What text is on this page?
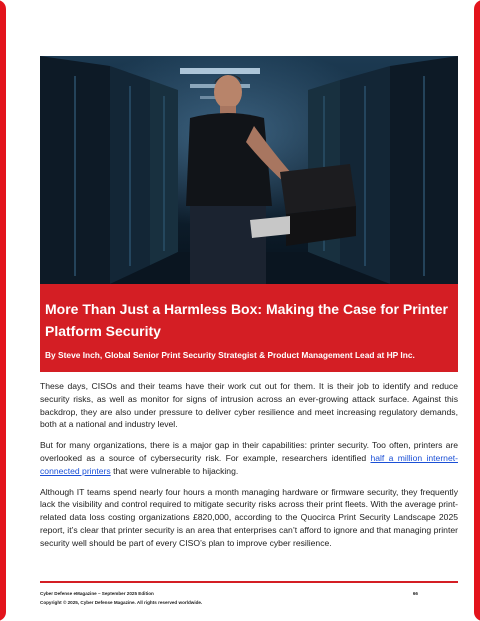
More Than Just a Harmless Box: Making the Case for Printer Platform Security

By Steve Inch, Global Senior Print Security Strategist & Product Management Lead at HP Inc.

These days, CISOs and their teams have their work cut out for them. It is their job to identify and reduce security risks, as well as monitor for signs of intrusion across an ever-growing attack surface. Against this backdrop, they are also under pressure to deliver cyber resilience and meet increasing regulatory demands, both at a national and industry level.

But for many organizations, there is a major gap in their capabilities: printer security. Too often, printers are overlooked as a source of cybersecurity risk. For example, researchers identified half a million internet-connected printers that were vulnerable to hijacking.

Although IT teams spend nearly four hours a month managing hardware or firmware security, they frequently lack the visibility and control required to mitigate security risks across their print fleets. With the average print-related data loss costing organizations £820,000, according to the Quocirca Print Security Landscape 2025 report, it’s clear that printer security is an area that enterprises can’t afford to ignore and that managing printer security well should be part of every CISO’s plan to improve cyber resilience.

Cyber Defense eMagazine – September 2025 Edition	66
Copyright © 2025, Cyber Defense Magazine. All rights reserved worldwide.
